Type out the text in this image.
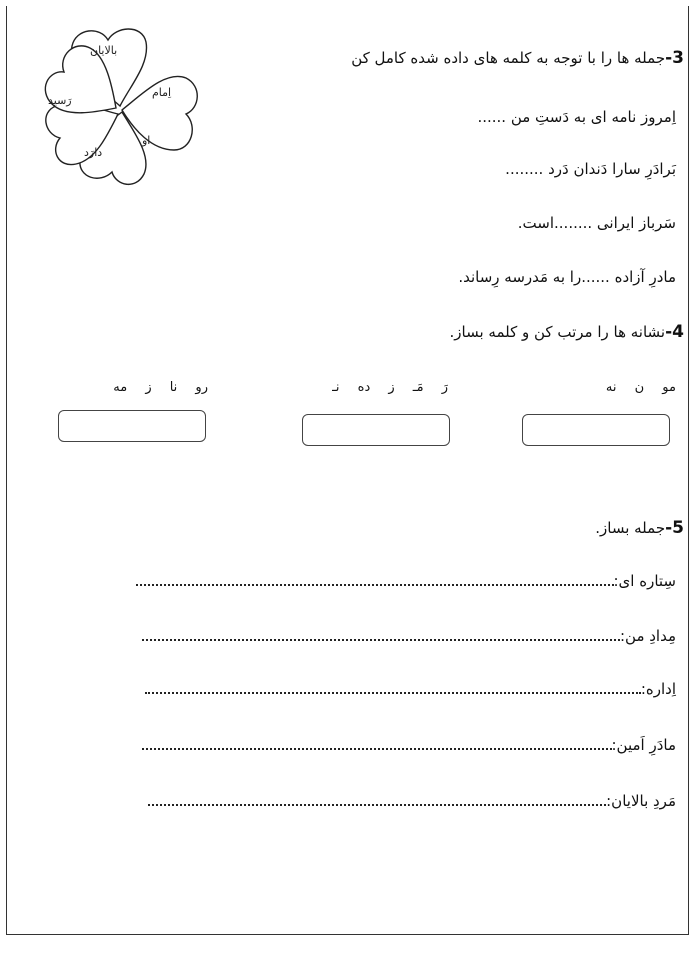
بالایان
اِمام
او
دارَد
رَسید
3-جمله ها را با توجه به کلمه های داده شده کامل کن
اِمروز نامه ای به دَستِ من ......
بَرادَرِ سارا دَندان دَرد ........
سَرباز ایرانی ........است.
مادرِ آزاده ......را به مَدرسه رِساند.
4-نشانه ها را مرتب کن و کلمه بساز.
مو ن نه
رَ مَـ ز ده نـ
رو نا ز مه
5-جمله بساز.
سِتاره ای:
مِدادِ من:
اِداره:
مادَرِ اَمین:
مَردِ بالایان:
